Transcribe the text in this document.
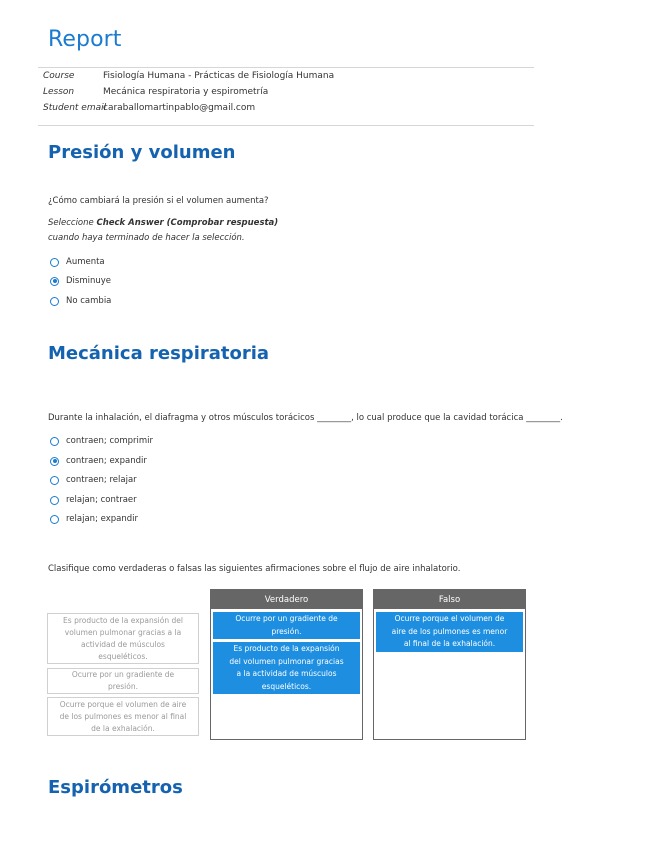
Report
Course	Fisiología Humana - Prácticas de Fisiología Humana
Lesson	Mecánica respiratoria y espirometría
Student email
caraballomartinpablo@gmail.com
Presión y volumen
¿Cómo cambiará la presión si el volumen aumenta?
Seleccione Check Answer (Comprobar respuesta) cuando haya terminado de hacer la selección.
Aumenta
Disminuye
No cambia
Mecánica respiratoria
Durante la inhalación, el diafragma y otros músculos torácicos ________, lo cual produce que la cavidad torácica ________.
contraen; comprimir
contraen; expandir
contraen; relajar
relajan; contraer
relajan; expandir
Clasifique como verdaderas o falsas las siguientes afirmaciones sobre el flujo de aire inhalatorio.
Es producto de la expansión del volumen pulmonar gracias a la actividad de músculos esqueléticos.
Ocurre por un gradiente de presión.
Ocurre porque el volumen de aire de los pulmones es menor al final de la exhalación.
Verdadero
Ocurre por un gradiente de presión.
Es producto de la expansión del volumen pulmonar gracias a la actividad de músculos esqueléticos.
Falso
Ocurre porque el volumen de aire de los pulmones es menor al final de la exhalación.
Espirómetros
